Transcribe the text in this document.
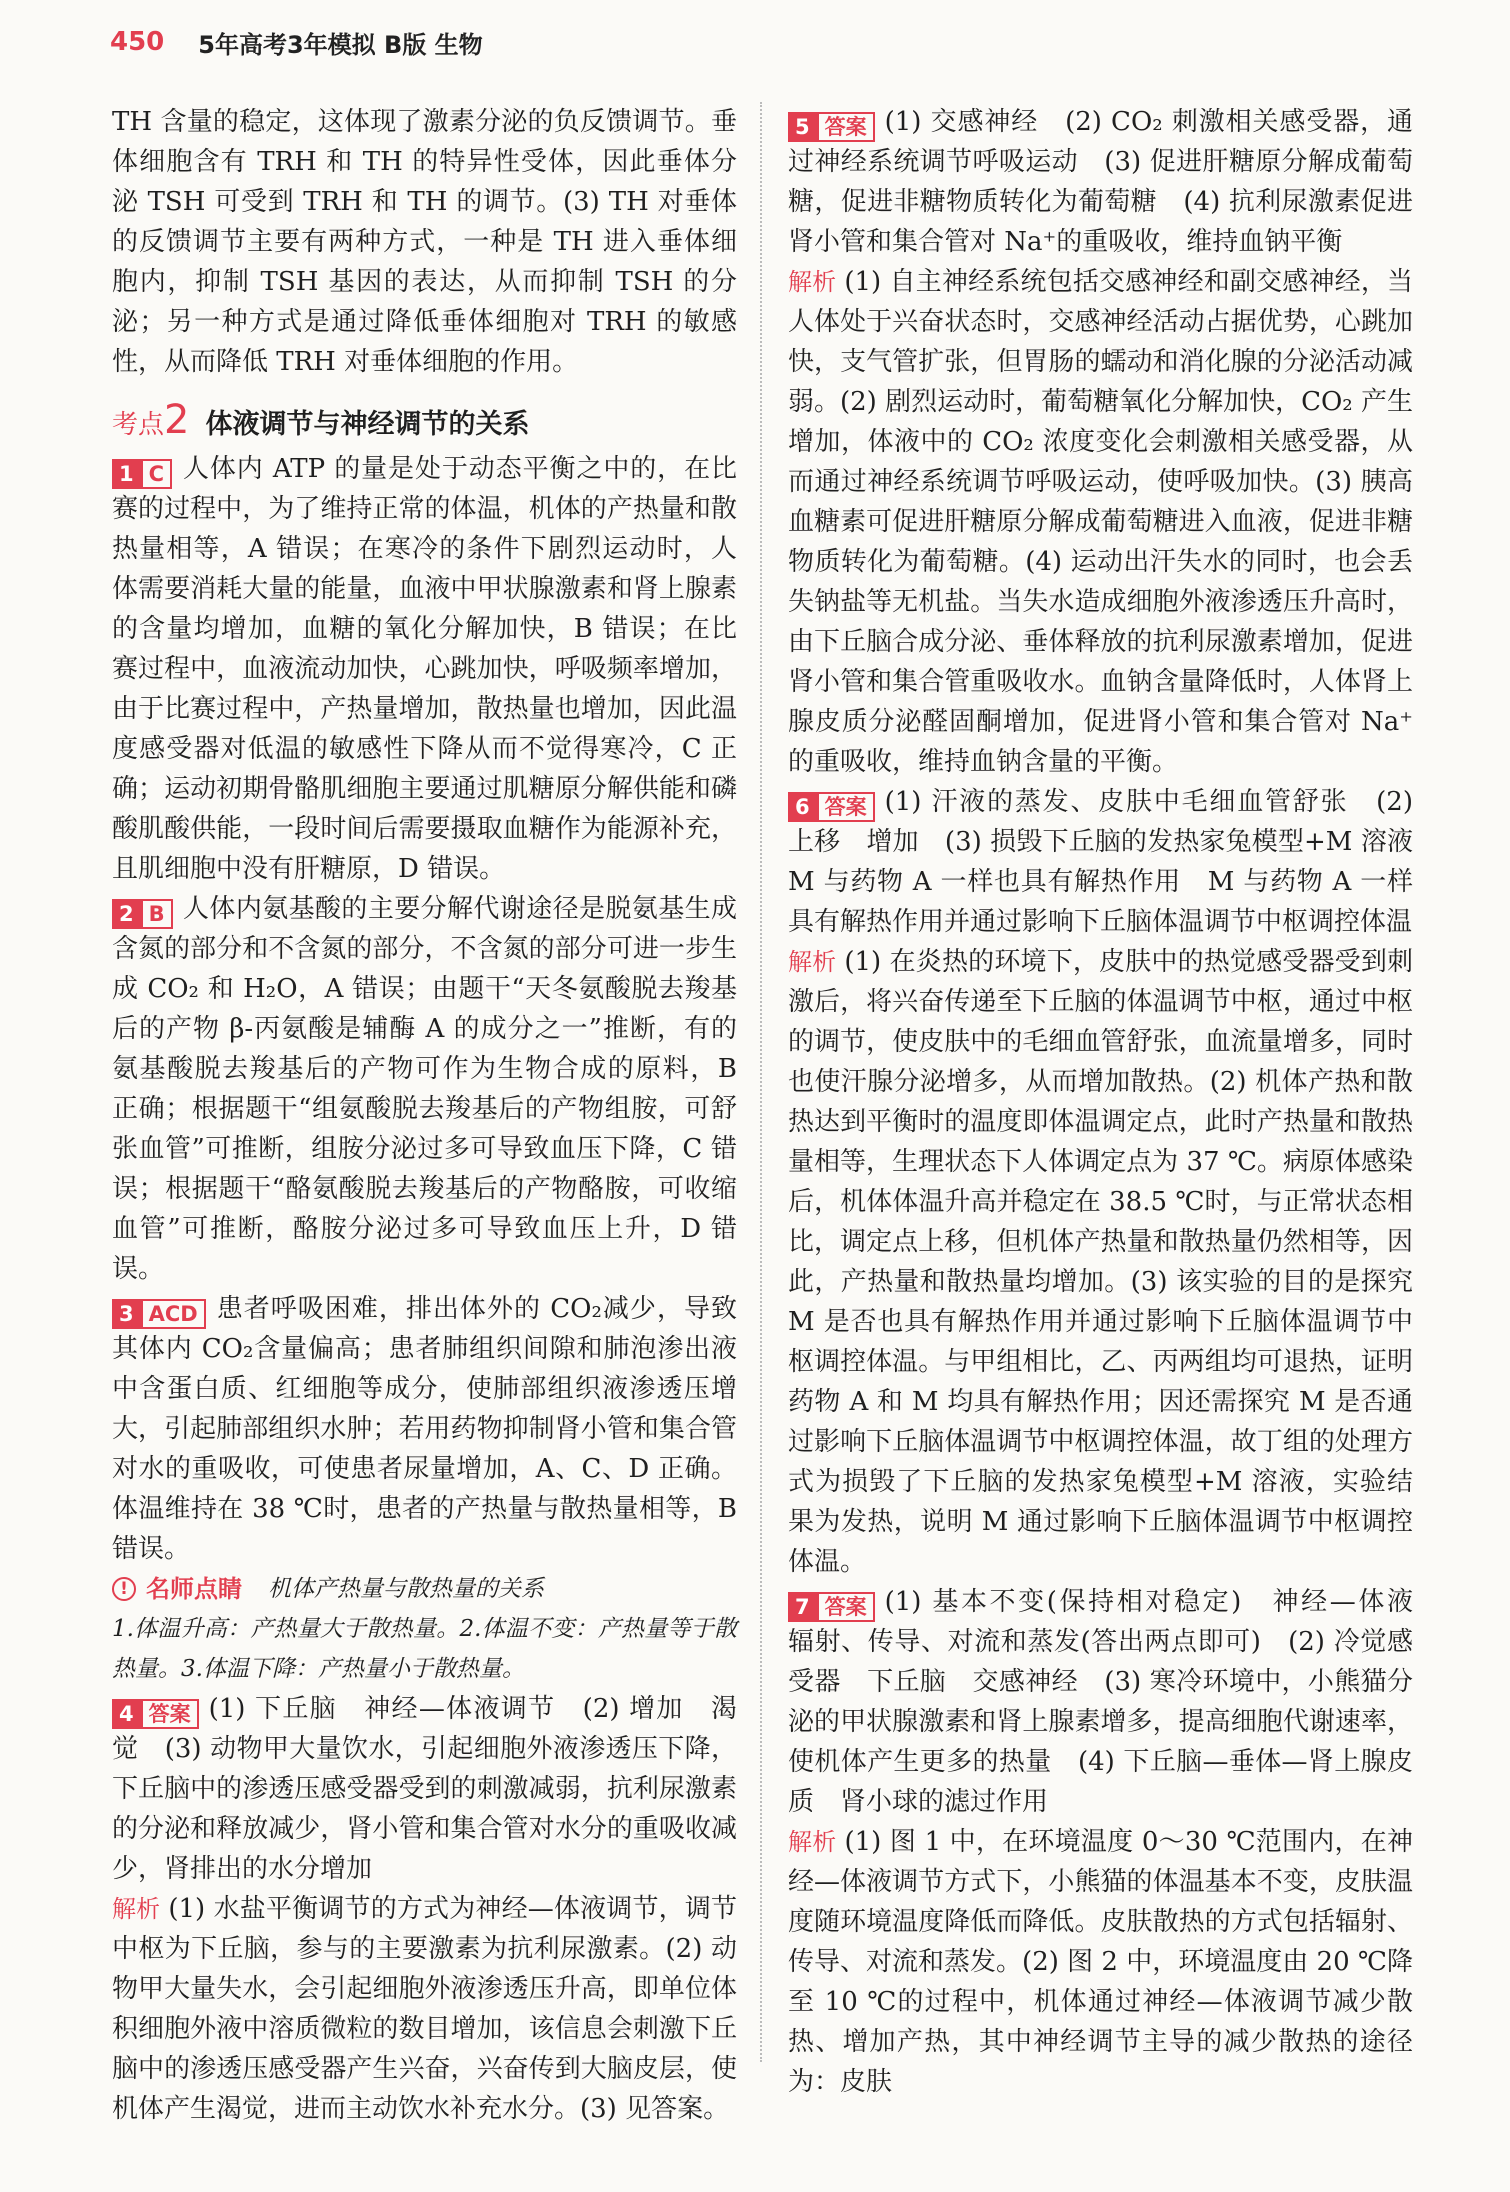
450 5年高考3年模拟 B版 生物

TH 含量的稳定，这体现了激素分泌的负反馈调节。垂体细胞含有 TRH 和 TH 的特异性受体，因此垂体分泌 TSH 可受到 TRH 和 TH 的调节。(3) TH 对垂体的反馈调节主要有两种方式，一种是 TH 进入垂体细胞内，抑制 TSH 基因的表达，从而抑制 TSH 的分泌；另一种方式是通过降低垂体细胞对 TRH 的敏感性，从而降低 TRH 对垂体细胞的作用。

考点 2 体液调节与神经调节的关系

1 C 人体内 ATP 的量是处于动态平衡之中的，在比赛的过程中，为了维持正常的体温，机体的产热量和散热量相等，A 错误；在寒冷的条件下剧烈运动时，人体需要消耗大量的能量，血液中甲状腺激素和肾上腺素的含量均增加，血糖的氧化分解加快，B 错误；在比赛过程中，血液流动加快，心跳加快，呼吸频率增加，由于比赛过程中，产热量增加，散热量也增加，因此温度感受器对低温的敏感性下降从而不觉得寒冷，C 正确；运动初期骨骼肌细胞主要通过肌糖原分解供能和磷酸肌酸供能，一段时间后需要摄取血糖作为能源补充，且肌细胞中没有肝糖原，D 错误。

2 B 人体内氨基酸的主要分解代谢途径是脱氨基生成含氮的部分和不含氮的部分，不含氮的部分可进一步生成 CO₂ 和 H₂O，A 错误；由题干“天冬氨酸脱去羧基后的产物 β-丙氨酸是辅酶 A 的成分之一”推断，有的氨基酸脱去羧基后的产物可作为生物合成的原料，B 正确；根据题干“组氨酸脱去羧基后的产物组胺，可舒张血管”可推断，组胺分泌过多可导致血压下降，C 错误；根据题干“酪氨酸脱去羧基后的产物酪胺，可收缩血管”可推断，酪胺分泌过多可导致血压上升，D 错误。

3 ACD 患者呼吸困难，排出体外的 CO₂减少，导致其体内 CO₂含量偏高；患者肺组织间隙和肺泡渗出液中含蛋白质、红细胞等成分，使肺部组织液渗透压增大，引起肺部组织水肿；若用药物抑制肾小管和集合管对水的重吸收，可使患者尿量增加，A、C、D 正确。体温维持在 38 ℃时，患者的产热量与散热量相等，B 错误。

! 名师点睛 机体产热量与散热量的关系

1.体温升高：产热量大于散热量。2.体温不变：产热量等于散热量。3.体温下降：产热量小于散热量。

4 答案 (1) 下丘脑　神经—体液调节　(2) 增加　渴觉　(3) 动物甲大量饮水，引起细胞外液渗透压下降，下丘脑中的渗透压感受器受到的刺激减弱，抗利尿激素的分泌和释放减少，肾小管和集合管对水分的重吸收减少，肾排出的水分增加

解析 (1) 水盐平衡调节的方式为神经—体液调节，调节中枢为下丘脑，参与的主要激素为抗利尿激素。(2) 动物甲大量失水，会引起细胞外液渗透压升高，即单位体积细胞外液中溶质微粒的数目增加，该信息会刺激下丘脑中的渗透压感受器产生兴奋，兴奋传到大脑皮层，使机体产生渴觉，进而主动饮水补充水分。(3) 见答案。

5 答案 (1) 交感神经　(2) CO₂ 刺激相关感受器，通过神经系统调节呼吸运动　(3) 促进肝糖原分解成葡萄糖，促进非糖物质转化为葡萄糖　(4) 抗利尿激素促进肾小管和集合管对 Na⁺的重吸收，维持血钠平衡

解析 (1) 自主神经系统包括交感神经和副交感神经，当人体处于兴奋状态时，交感神经活动占据优势，心跳加快，支气管扩张，但胃肠的蠕动和消化腺的分泌活动减弱。(2) 剧烈运动时，葡萄糖氧化分解加快，CO₂ 产生增加，体液中的 CO₂ 浓度变化会刺激相关感受器，从而通过神经系统调节呼吸运动，使呼吸加快。(3) 胰高血糖素可促进肝糖原分解成葡萄糖进入血液，促进非糖物质转化为葡萄糖。(4) 运动出汗失水的同时，也会丢失钠盐等无机盐。当失水造成细胞外液渗透压升高时，由下丘脑合成分泌、垂体释放的抗利尿激素增加，促进肾小管和集合管重吸收水。血钠含量降低时，人体肾上腺皮质分泌醛固酮增加，促进肾小管和集合管对 Na⁺的重吸收，维持血钠含量的平衡。

6 答案 (1) 汗液的蒸发、皮肤中毛细血管舒张　(2) 上移　增加　(3) 损毁下丘脑的发热家兔模型+M 溶液　M 与药物 A 一样也具有解热作用　M 与药物 A 一样具有解热作用并通过影响下丘脑体温调节中枢调控体温

解析 (1) 在炎热的环境下，皮肤中的热觉感受器受到刺激后，将兴奋传递至下丘脑的体温调节中枢，通过中枢的调节，使皮肤中的毛细血管舒张，血流量增多，同时也使汗腺分泌增多，从而增加散热。(2) 机体产热和散热达到平衡时的温度即体温调定点，此时产热量和散热量相等，生理状态下人体调定点为 37 ℃。病原体感染后，机体体温升高并稳定在 38.5 ℃时，与正常状态相比，调定点上移，但机体产热量和散热量仍然相等，因此，产热量和散热量均增加。(3) 该实验的目的是探究 M 是否也具有解热作用并通过影响下丘脑体温调节中枢调控体温。与甲组相比，乙、丙两组均可退热，证明药物 A 和 M 均具有解热作用；因还需探究 M 是否通过影响下丘脑体温调节中枢调控体温，故丁组的处理方式为损毁了下丘脑的发热家兔模型+M 溶液，实验结果为发热，说明 M 通过影响下丘脑体温调节中枢调控体温。

7 答案 (1) 基本不变(保持相对稳定)　神经—体液　辐射、传导、对流和蒸发(答出两点即可)　(2) 冷觉感受器　下丘脑　交感神经　(3) 寒冷环境中，小熊猫分泌的甲状腺激素和肾上腺素增多，提高细胞代谢速率，使机体产生更多的热量　(4) 下丘脑—垂体—肾上腺皮质　肾小球的滤过作用

解析 (1) 图 1 中，在环境温度 0～30 ℃范围内，在神经—体液调节方式下，小熊猫的体温基本不变，皮肤温度随环境温度降低而降低。皮肤散热的方式包括辐射、传导、对流和蒸发。(2) 图 2 中，环境温度由 20 ℃降至 10 ℃的过程中，机体通过神经—体液调节减少散热、增加产热，其中神经调节主导的减少散热的途径为：皮肤
